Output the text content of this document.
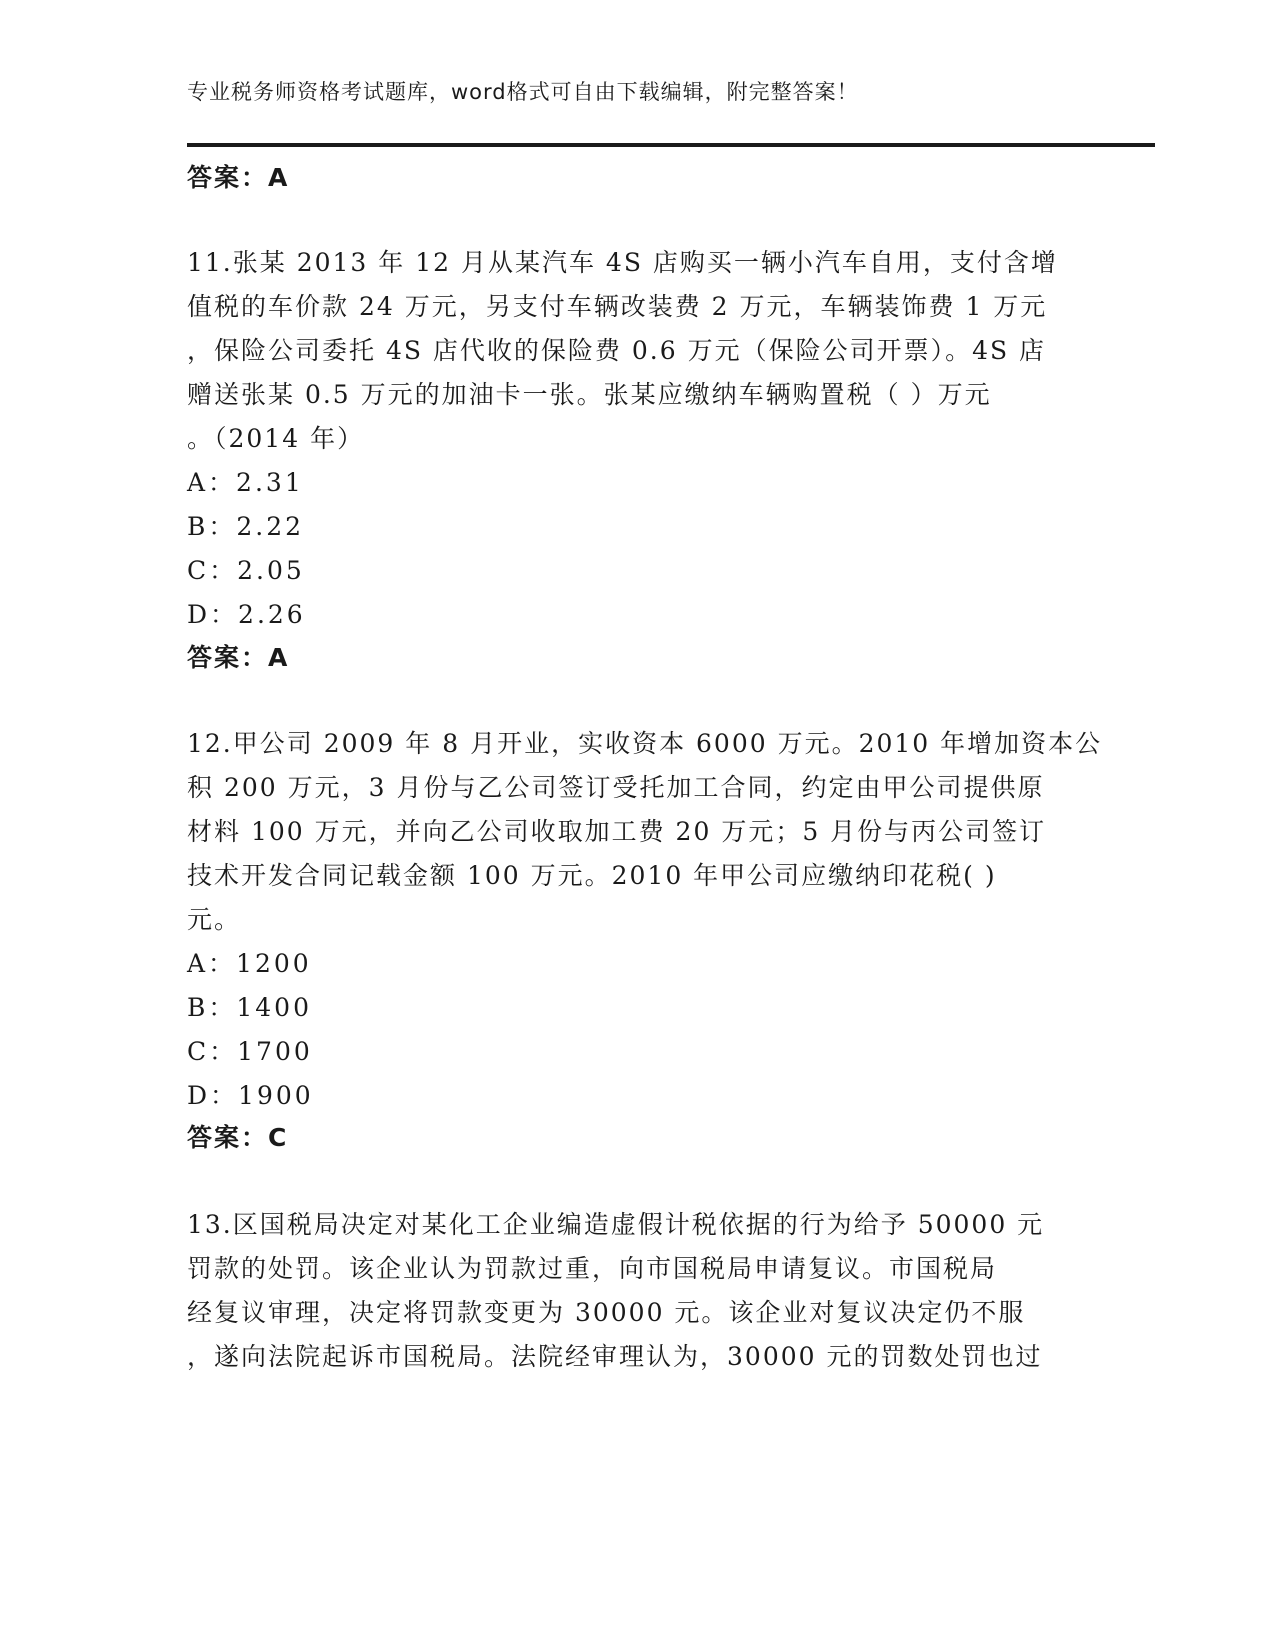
专业税务师资格考试题库，word格式可自由下载编辑，附完整答案！
答案：A
11.张某 2013 年 12 月从某汽车 4S 店购买一辆小汽车自用，支付含增
值税的车价款 24 万元，另支付车辆改装费 2 万元，车辆装饰费 1 万元
，保险公司委托 4S 店代收的保险费 0.6 万元（保险公司开票）。4S 店
赠送张某 0.5 万元的加油卡一张。张某应缴纳车辆购置税（ ）万元
。（2014 年）
A：2.31
B：2.22
C：2.05
D：2.26
答案：A
12.甲公司 2009 年 8 月开业，实收资本 6000 万元。2010 年增加资本公
积 200 万元，3 月份与乙公司签订受托加工合同，约定由甲公司提供原
材料 100 万元，并向乙公司收取加工费 20 万元；5 月份与丙公司签订
技术开发合同记载金额 100 万元。2010 年甲公司应缴纳印花税( )
元。
A：1200
B：1400
C：1700
D：1900
答案：C
13.区国税局决定对某化工企业编造虚假计税依据的行为给予 50000 元
罚款的处罚。该企业认为罚款过重，向市国税局申请复议。市国税局
经复议审理，决定将罚款变更为 30000 元。该企业对复议决定仍不服
，遂向法院起诉市国税局。法院经审理认为，30000 元的罚数处罚也过
